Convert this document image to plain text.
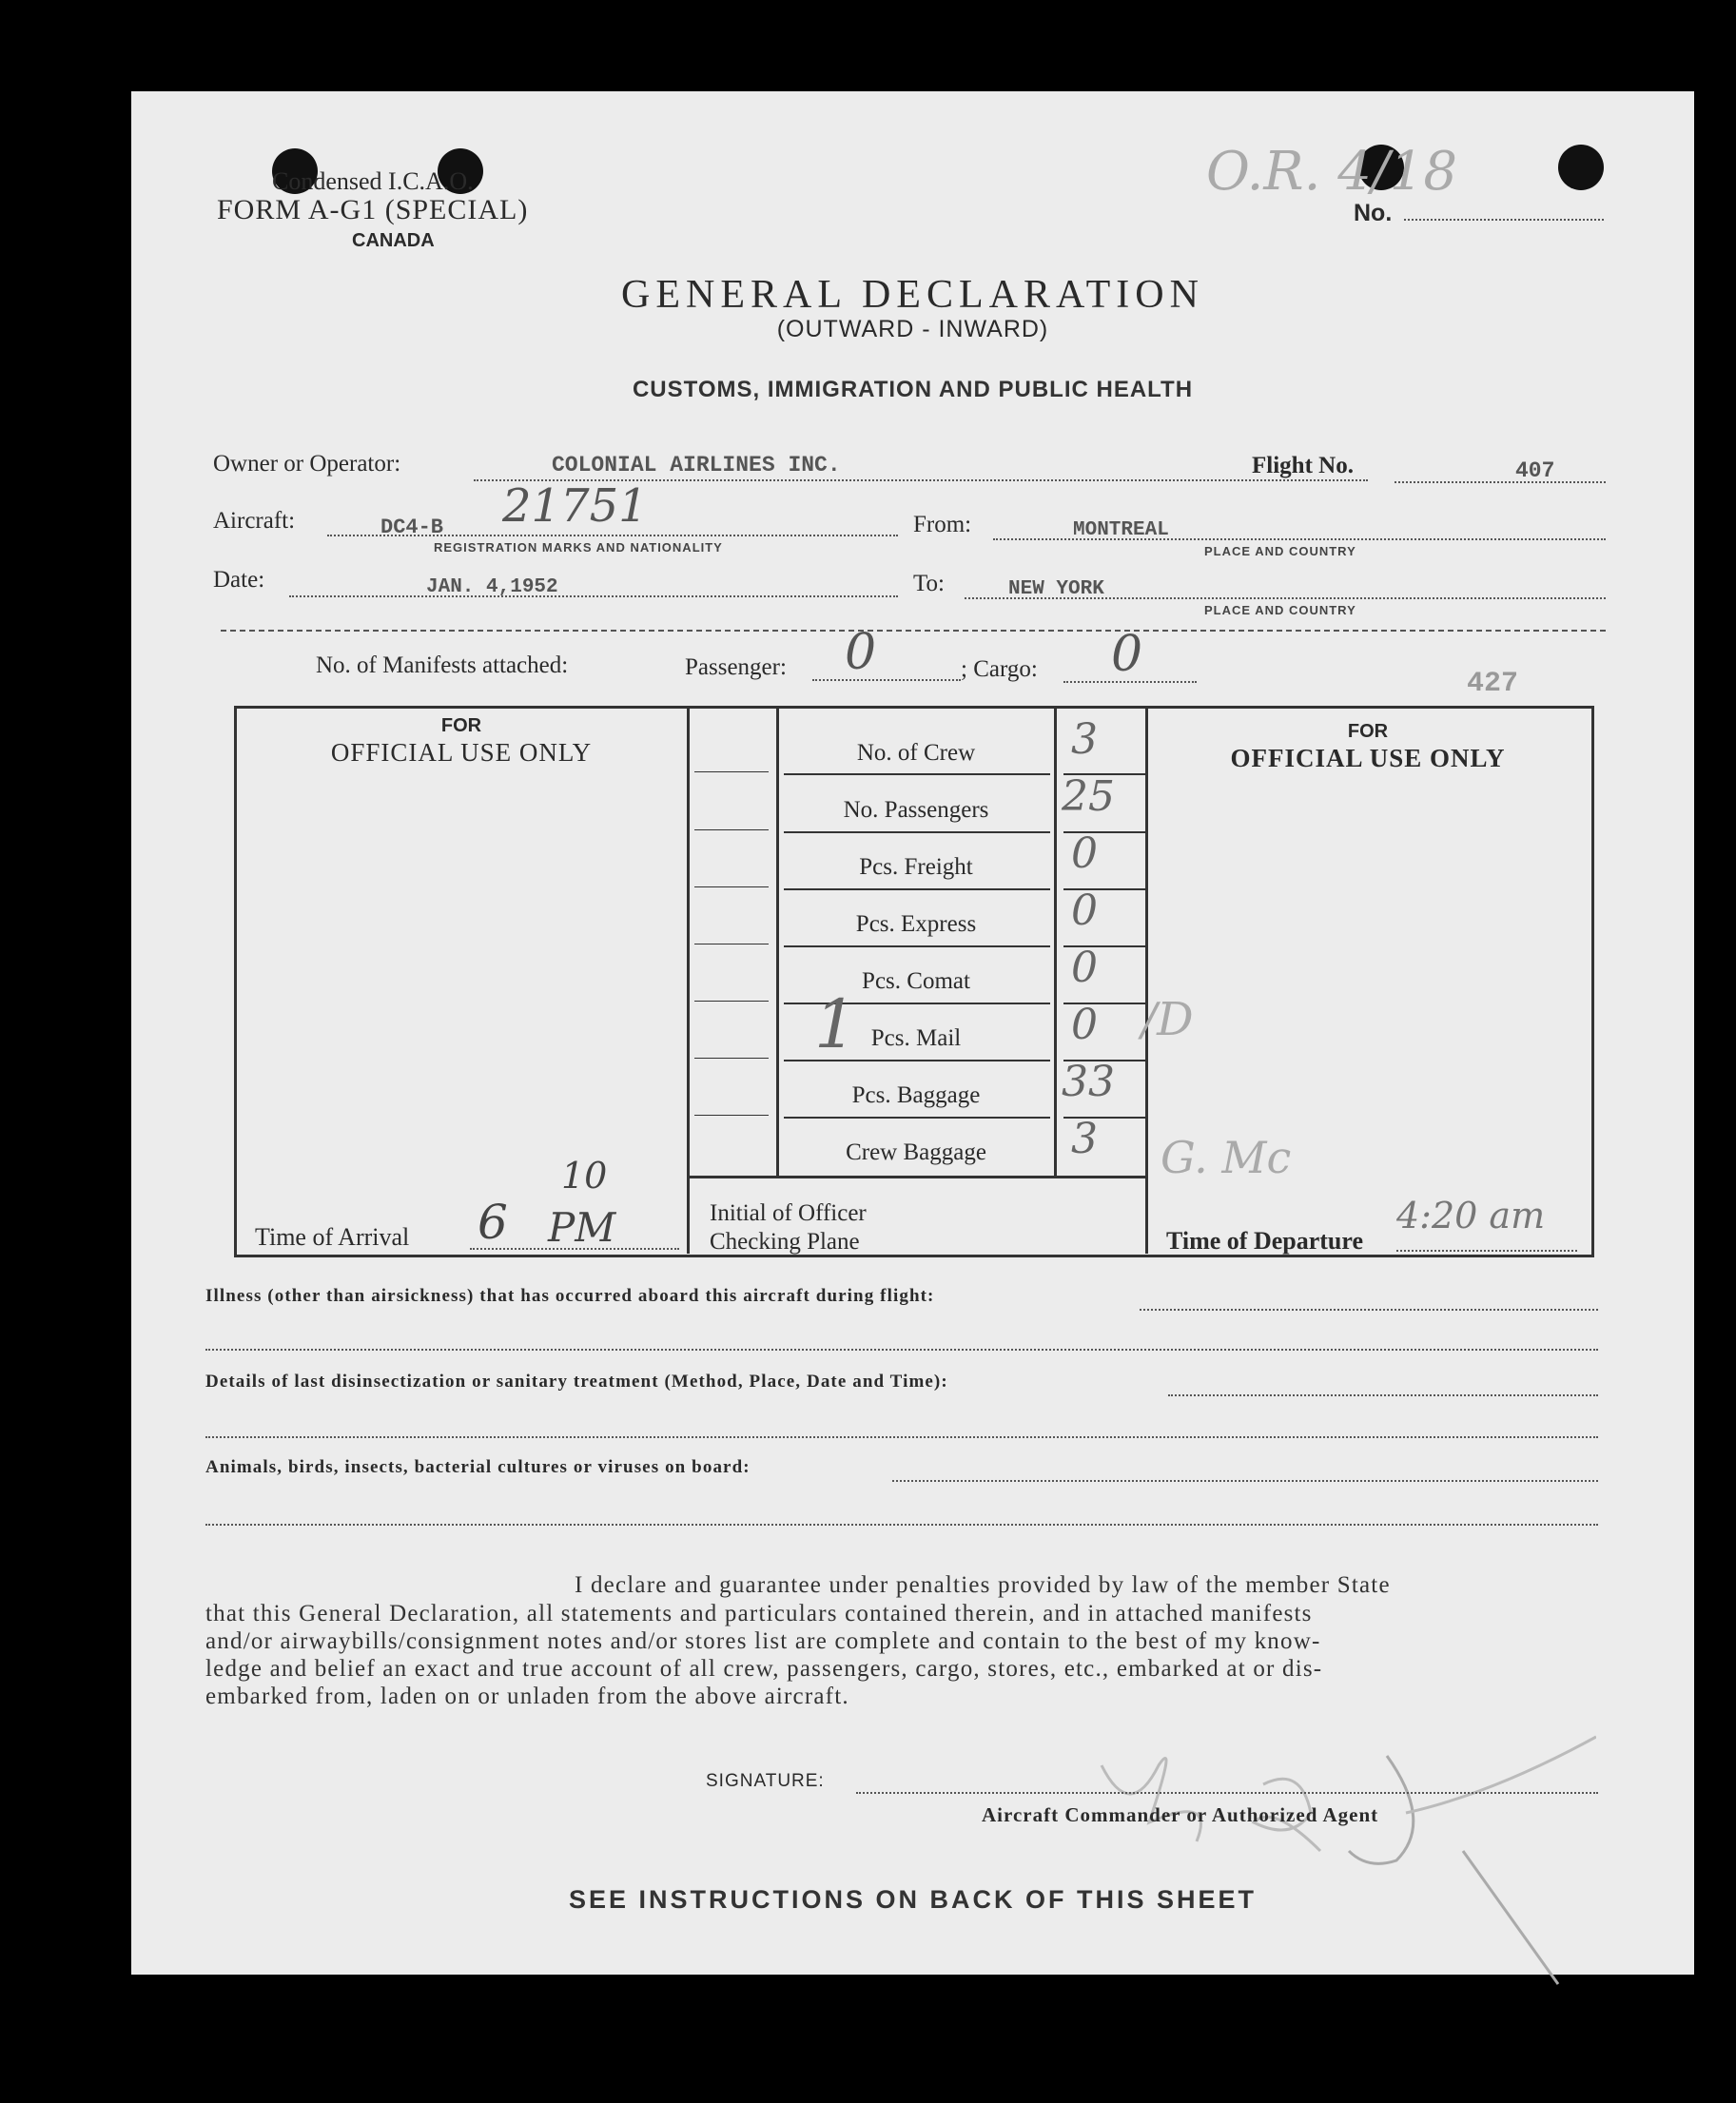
Condensed I.C.A.O.
FORM A-G1 (SPECIAL)
CANADA
O.R. 4/18
No.
GENERAL DECLARATION
(OUTWARD - INWARD)
CUSTOMS, IMMIGRATION AND PUBLIC HEALTH
Owner or Operator:	COLONIAL AIRLINES INC.	Flight No.	407
Aircraft:	DC4-B 21751
REGISTRATION MARKS AND NATIONALITY
From:	MONTREAL
PLACE AND COUNTRY
Date:	JAN. 4,1952	To:	NEW YORK
PLACE AND COUNTRY
No. of Manifests attached:	Passenger: 0	; Cargo: 0
427
FOR
OFFICIAL USE ONLY
FOR
OFFICIAL USE ONLY
No. of Crew	3
No. Passengers	25
Pcs. Freight	0
Pcs. Express	0
Pcs. Comat	0
Pcs. Mail	0
Pcs. Baggage	33
Crew Baggage	3
1	/D
G. Mc
Time of Arrival 6
10
PM	Initial of Officer
Checking Plane	Time of Departure
4:20 am
Illness (other than airsickness) that has occurred aboard this aircraft during flight:
Details of last disinsectization or sanitary treatment (Method, Place, Date and Time):
Animals, birds, insects, bacterial cultures or viruses on board:
I declare and guarantee under penalties provided by law of the member State
that this General Declaration, all statements and particulars contained therein, and in attached manifests
and/or airwaybills/consignment notes and/or stores list are complete and contain to the best of my know-
ledge and belief an exact and true account of all crew, passengers, cargo, stores, etc., embarked at or dis-
embarked from, laden on or unladen from the above aircraft.
SIGNATURE:
Aircraft Commander or Authorized Agent
SEE INSTRUCTIONS ON BACK OF THIS SHEET
